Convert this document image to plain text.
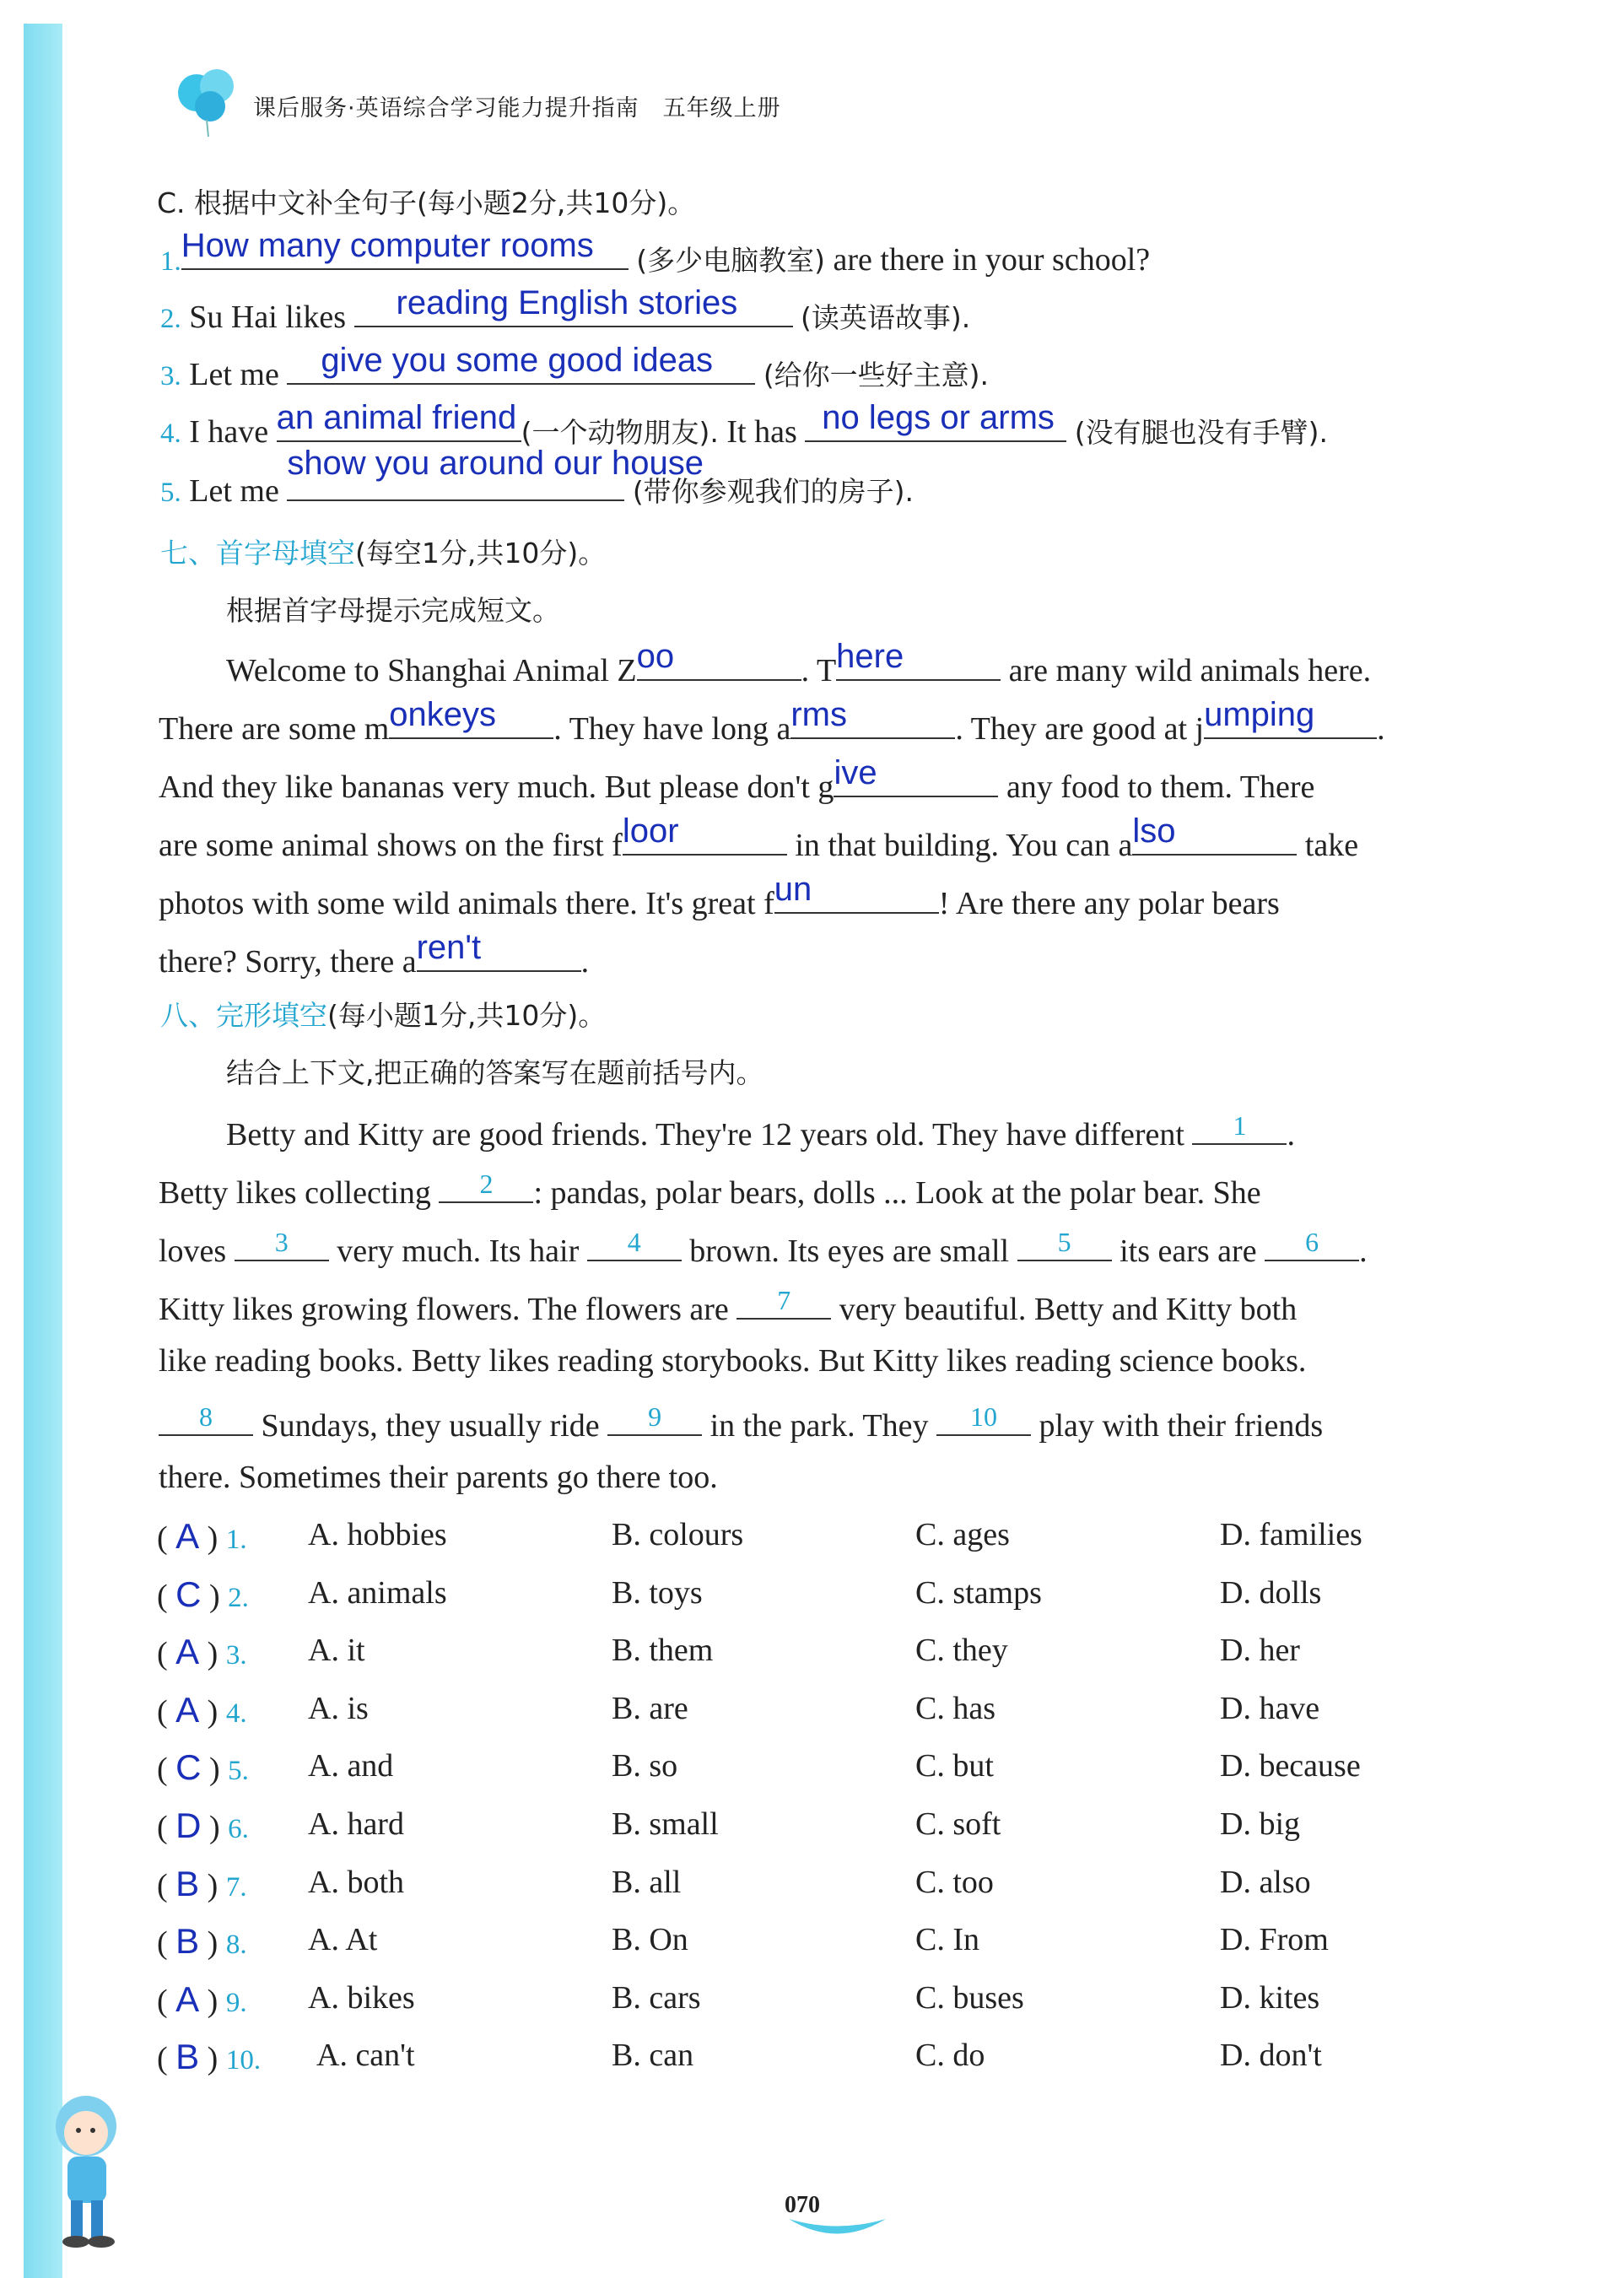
课后服务·英语综合学习能力提升指南　五年级上册
C. 根据中文补全句子(每小题2分,共10分)。
1. How many computer rooms (多少电脑教室) are there in your school?
2. Su Hai likes reading English stories (读英语故事).
3. Let me give you some good ideas (给你一些好主意).
4. I have an animal friend (一个动物朋友). It has no legs or arms (没有腿也没有手臂).
5. Let me
show you around our house
(带你参观我们的房子).
七、首字母填空(每空1分,共10分)。
根据首字母提示完成短文。
Welcome to Shanghai Animal Z oo	. T here	are many wild animals here.
There are some m onkeys . They have long a rms	. They are good at j umping .
And they like bananas very much. But please don't g ive	any food to them. There
are some animal shows on the first f loor	in that building. You can a lso	take
photos with some wild animals there. It's great f un	! Are there any polar bears
there? Sorry, there a ren't	.
八、完形填空(每小题1分,共10分)。
结合上下文,把正确的答案写在题前括号内。
Betty and Kitty are good friends. They're 12 years old. They have different	1	.
Betty likes collecting	2	: pandas, polar bears, dolls ... Look at the polar bear. She
loves	3	very much. Its hair	4	brown. Its eyes are small	5	its ears are	6	.
Kitty likes growing flowers. The flowers are	7	very beautiful. Betty and Kitty both
like reading books. Betty likes reading storybooks. But Kitty likes reading science books.
8	Sundays, they usually ride	9	in the park. They	10	play with their friends
there. Sometimes their parents go there too.
( A ) 1. A. hobbies	B. colours	C. ages	D. families
( C ) 2. A. animals	B. toys	C. stamps	D. dolls
( A ) 3. A. it	B. them	C. they	D. her
( A ) 4. A. is	B. are	C. has	D. have
( C ) 5. A. and	B. so	C. but	D. because
( D ) 6. A. hard	B. small	C. soft	D. big
( B ) 7. A. both	B. all	C. too	D. also
( B ) 8. A. At	B. On	C. In	D. From
( A ) 9. A. bikes	B. cars	C. buses	D. kites
( B ) 10. A. can't	B. can	C. do	D. don't
070
